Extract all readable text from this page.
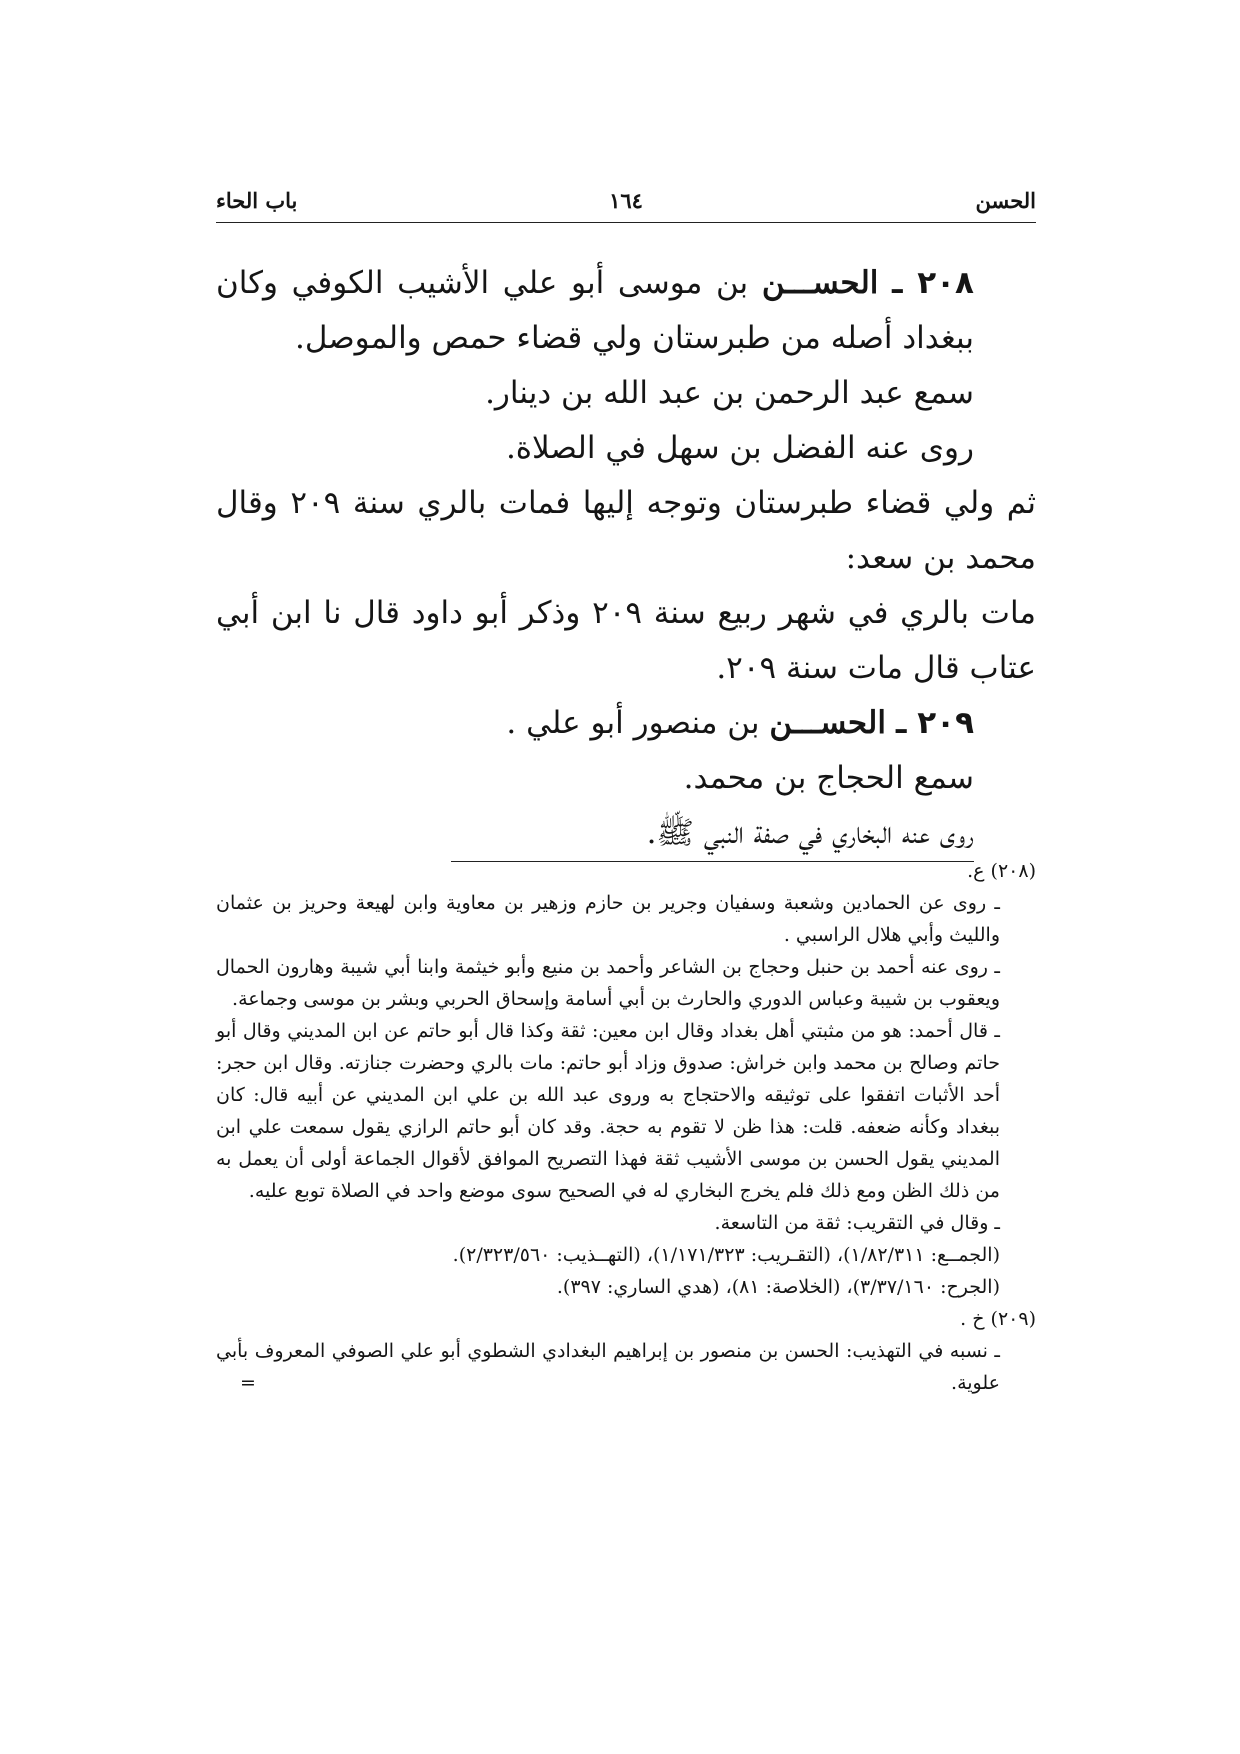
الحسن
١٦٤
باب الحاء

٢٠٨ ـ الحســـن بن موسى أبو علي الأشيب الكوفي وكان ببغداد أصله من طبرستان ولي قضاء حمص والموصل.

سمع عبد الرحمن بن عبد الله بن دينار.

روى عنه الفضل بن سهل في الصلاة.

ثم ولي قضاء طبرستان وتوجه إليها فمات بالري سنة ٢٠٩ وقال محمد بن سعد:

مات بالري في شهر ربيع سنة ٢٠٩ وذكر أبو داود قال نا ابن أبي عتاب قال مات سنة ٢٠٩.

٢٠٩ ـ الحســـن بن منصور أبو علي .

سمع الحجاج بن محمد.

روى عنه البخاري في صفة النبي ﷺ.

(٢٠٨) ع.

ـ روى عن الحمادين وشعبة وسفيان وجرير بن حازم وزهير بن معاوية وابن لهيعة وحريز بن عثمان والليث وأبي هلال الراسبي .

ـ روى عنه أحمد بن حنبل وحجاج بن الشاعر وأحمد بن منيع وأبو خيثمة وابنا أبي شيبة وهارون الحمال ويعقوب بن شيبة وعباس الدوري والحارث بن أبي أسامة وإسحاق الحربي وبشر بن موسى وجماعة.

ـ قال أحمد: هو من مثبتي أهل بغداد وقال ابن معين: ثقة وكذا قال أبو حاتم عن ابن المديني وقال أبو حاتم وصالح بن محمد وابن خراش: صدوق وزاد أبو حاتم: مات بالري وحضرت جنازته. وقال ابن حجر: أحد الأثبات اتفقوا على توثيقه والاحتجاج به وروى عبد الله بن علي ابن المديني عن أبيه قال: كان ببغداد وكأنه ضعفه. قلت: هذا ظن لا تقوم به حجة. وقد كان أبو حاتم الرازي يقول سمعت علي ابن المديني يقول الحسن بن موسى الأشيب ثقة فهذا التصريح الموافق لأقوال الجماعة أولى أن يعمل به من ذلك الظن ومع ذلك فلم يخرج البخاري له في الصحيح سوى موضع واحد في الصلاة توبع عليه.

ـ وقال في التقريب: ثقة من التاسعة.

(الجمــع: ١/٨٢/٣١١)، (التقـريب: ١/١٧١/٣٢٣)، (التهــذيب: ٢/٣٢٣/٥٦٠).

(الجرح: ٣/٣٧/١٦٠)، (الخلاصة: ٨١)، (هدي الساري: ٣٩٧).

(٢٠٩) خ .

ـ نسبه في التهذيب: الحسن بن منصور بن إبراهيم البغدادي الشطوي أبو علي الصوفي المعروف بأبي علوية.

=
